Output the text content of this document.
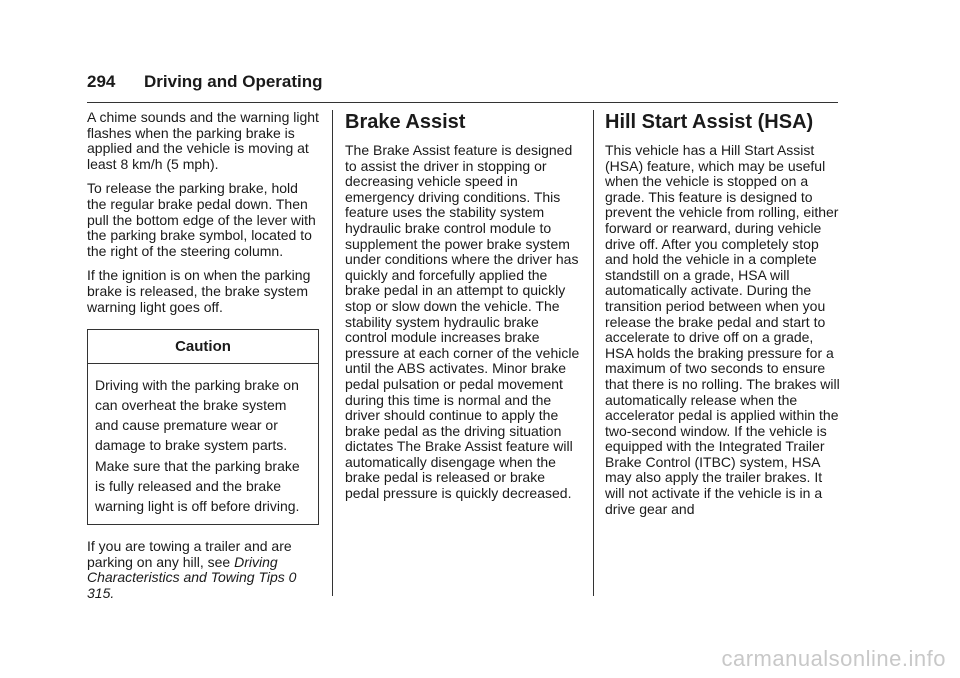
294 Driving and Operating

A chime sounds and the warning light flashes when the parking brake is applied and the vehicle is moving at least 8 km/h (5 mph).

To release the parking brake, hold the regular brake pedal down. Then pull the bottom edge of the lever with the parking brake symbol, located to the right of the steering column.

If the ignition is on when the parking brake is released, the brake system warning light goes off.

Caution
Driving with the parking brake on can overheat the brake system and cause premature wear or damage to brake system parts. Make sure that the parking brake is fully released and the brake warning light is off before driving.

If you are towing a trailer and are parking on any hill, see Driving Characteristics and Towing Tips 0 315.

Brake Assist

The Brake Assist feature is designed to assist the driver in stopping or decreasing vehicle speed in emergency driving conditions. This feature uses the stability system hydraulic brake control module to supplement the power brake system under conditions where the driver has quickly and forcefully applied the brake pedal in an attempt to quickly stop or slow down the vehicle. The stability system hydraulic brake control module increases brake pressure at each corner of the vehicle until the ABS activates. Minor brake pedal pulsation or pedal movement during this time is normal and the driver should continue to apply the brake pedal as the driving situation dictates The Brake Assist feature will automatically disengage when the brake pedal is released or brake pedal pressure is quickly decreased.

Hill Start Assist (HSA)

This vehicle has a Hill Start Assist (HSA) feature, which may be useful when the vehicle is stopped on a grade. This feature is designed to prevent the vehicle from rolling, either forward or rearward, during vehicle drive off. After you completely stop and hold the vehicle in a complete standstill on a grade, HSA will automatically activate. During the transition period between when you release the brake pedal and start to accelerate to drive off on a grade, HSA holds the braking pressure for a maximum of two seconds to ensure that there is no rolling. The brakes will automatically release when the accelerator pedal is applied within the two-second window. If the vehicle is equipped with the Integrated Trailer Brake Control (ITBC) system, HSA may also apply the trailer brakes. It will not activate if the vehicle is in a drive gear and

carmanualsonline.info
